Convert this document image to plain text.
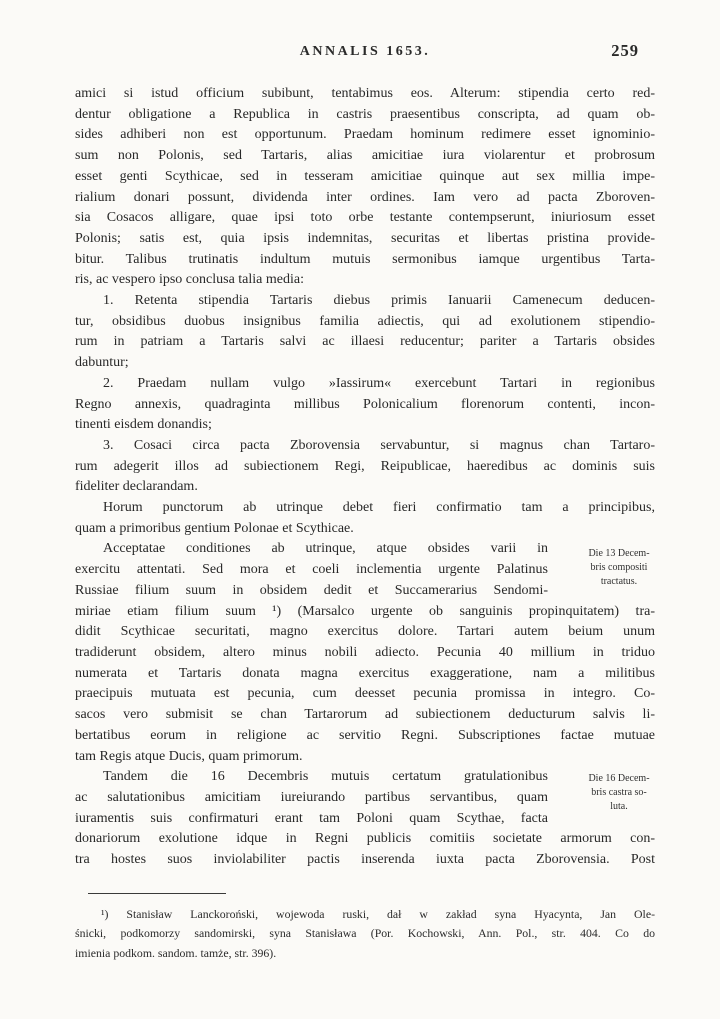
ANNALIS 1653.	259
amici si istud officium subibunt, tentabimus eos. Alterum: stipendia certo red-
dentur obligatione a Republica in castris praesentibus conscripta, ad quam ob-
sides adhiberi non est opportunum. Praedam hominum redimere esset ignominio-
sum non Polonis, sed Tartaris, alias amicitiae iura violarentur et probrosum
esset genti Scythicae, sed in tesseram amicitiae quinque aut sex millia impe-
rialium donari possunt, dividenda inter ordines. Iam vero ad pacta Zboroven-
sia Cosacos alligare, quae ipsi toto orbe testante contempserunt, iniuriosum esset
Polonis; satis est, quia ipsis indemnitas, securitas et libertas pristina provide-
bitur. Talibus trutinatis indultum mutuis sermonibus iamque urgentibus Tarta-
ris, ac vespero ipso conclusa talia media:
1. Retenta stipendia Tartaris diebus primis Ianuarii Camenecum deducen-
tur, obsidibus duobus insignibus familia adiectis, qui ad exolutionem stipendio-
rum in patriam a Tartaris salvi ac illaesi reducentur; pariter a Tartaris obsides
dabuntur;
2. Praedam nullam vulgo »Iassirum« exercebunt Tartari in regionibus
Regno annexis, quadraginta millibus Polonicalium florenorum contenti, incon-
tinenti eisdem donandis;
3. Cosaci circa pacta Zborovensia servabuntur, si magnus chan Tartaro-
rum adegerit illos ad subiectionem Regi, Reipublicae, haeredibus ac dominis suis
fideliter declarandam.
Horum punctorum ab utrinque debet fieri confirmatio tam a principibus,
quam a primoribus gentium Polonae et Scythicae.
Acceptatae conditiones ab utrinque, atque obsides varii in
exercitu attentati. Sed mora et coeli inclementia urgente Palatinus
Russiae filium suum in obsidem dedit et Succamerarius Sendomi-
miriae etiam filium suum ¹) (Marsalco urgente ob sanguinis propinquitatem) tra-
didit Scythicae securitati, magno exercitus dolore. Tartari autem beium unum
tradiderunt obsidem, altero minus nobili adiecto. Pecunia 40 millium in triduo
numerata et Tartaris donata magna exercitus exaggeratione, nam a militibus
praecipuis mutuata est pecunia, cum deesset pecunia promissa in integro. Co-
sacos vero submisit se chan Tartarorum ad subiectionem deducturum salvis li-
bertatibus eorum in religione ac servitio Regni. Subscriptiones factae mutuae
tam Regis atque Ducis, quam primorum.
Tandem die 16 Decembris mutuis certatum gratulationibus
ac salutationibus amicitiam iureiurando partibus servantibus, quam
iuramentis suis confirmaturi erant tam Poloni quam Scythae, facta
donariorum exolutione idque in Regni publicis comitiis societate armorum con-
tra hostes suos inviolabiliter pactis inserenda iuxta pacta Zborovensia. Post
Die 13 Decem-
bris compositi
tractatus.
Die 16 Decem-
bris castra so-
luta.
¹) Stanisław Lanckoroński, wojewoda ruski, dał w zakład syna Hyacynta, Jan Ole-
śnicki, podkomorzy sandomirski, syna Stanisława (Por. Kochowski, Ann. Pol., str. 404. Co do
imienia podkom. sandom. tamże, str. 396).
